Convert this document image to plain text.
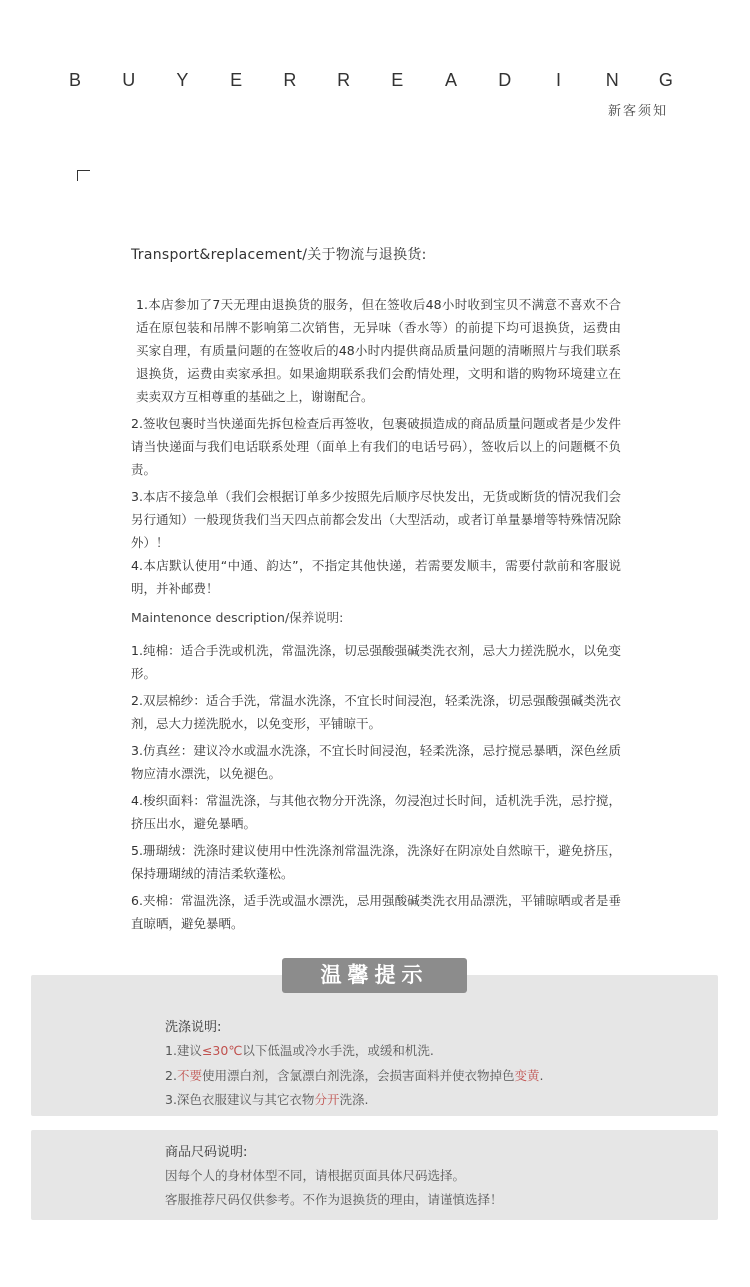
B U Y E R R E A D I N G
新客须知
Transport&replacement/关于物流与退换货:

1.本店参加了7天无理由退换货的服务，但在签收后48小时收到宝贝不满意不喜欢不合适在原包装和吊牌不影响第二次销售，无异味（香水等）的前提下均可退换货，运费由买家自理，有质量问题的在签收后的48小时内提供商品质量问题的清晰照片与我们联系退换货，运费由卖家承担。如果逾期联系我们会酌情处理，文明和谐的购物环境建立在卖卖双方互相尊重的基础之上，谢谢配合。

2.签收包裹时当快递面先拆包检查后再签收，包裹破损造成的商品质量问题或者是少发件请当快递面与我们电话联系处理（面单上有我们的电话号码），签收后以上的问题概不负责。

3.本店不接急单（我们会根据订单多少按照先后顺序尽快发出，无货或断货的情况我们会另行通知）一般现货我们当天四点前都会发出（大型活动，或者订单量暴增等特殊情况除外）！

4.本店默认使用“中通、韵达”，不指定其他快递，若需要发顺丰，需要付款前和客服说明，并补邮费！

Maintenonce description/保养说明:

1.纯棉：适合手洗或机洗，常温洗涤，切忌强酸强碱类洗衣剂，忌大力搓洗脱水，以免变形。

2.双层棉纱：适合手洗，常温水洗涤，不宜长时间浸泡，轻柔洗涤，切忌强酸强碱类洗衣剂，忌大力搓洗脱水，以免变形，平铺晾干。

3.仿真丝：建议冷水或温水洗涤，不宜长时间浸泡，轻柔洗涤，忌拧搅忌暴晒，深色丝质物应清水漂洗，以免褪色。

4.梭织面料：常温洗涤，与其他衣物分开洗涤，勿浸泡过长时间，适机洗手洗，忌拧搅，挤压出水，避免暴晒。

5.珊瑚绒：洗涤时建议使用中性洗涤剂常温洗涤，洗涤好在阴凉处自然晾干，避免挤压，保持珊瑚绒的清洁柔软蓬松。

6.夹棉：常温洗涤，适手洗或温水漂洗，忌用强酸碱类洗衣用品漂洗，平铺晾晒或者是垂直晾晒，避免暴晒。

温馨提示
洗涤说明:
1.建议≤30℃以下低温或冷水手洗，或缓和机洗.
2.不要使用漂白剂，含氯漂白剂洗涤，会损害面料并使衣物掉色变黄.
3.深色衣服建议与其它衣物分开洗涤.
商品尺码说明:
因每个人的身材体型不同，请根据页面具体尺码选择。
客服推荐尺码仅供参考。不作为退换货的理由，请谨慎选择！
